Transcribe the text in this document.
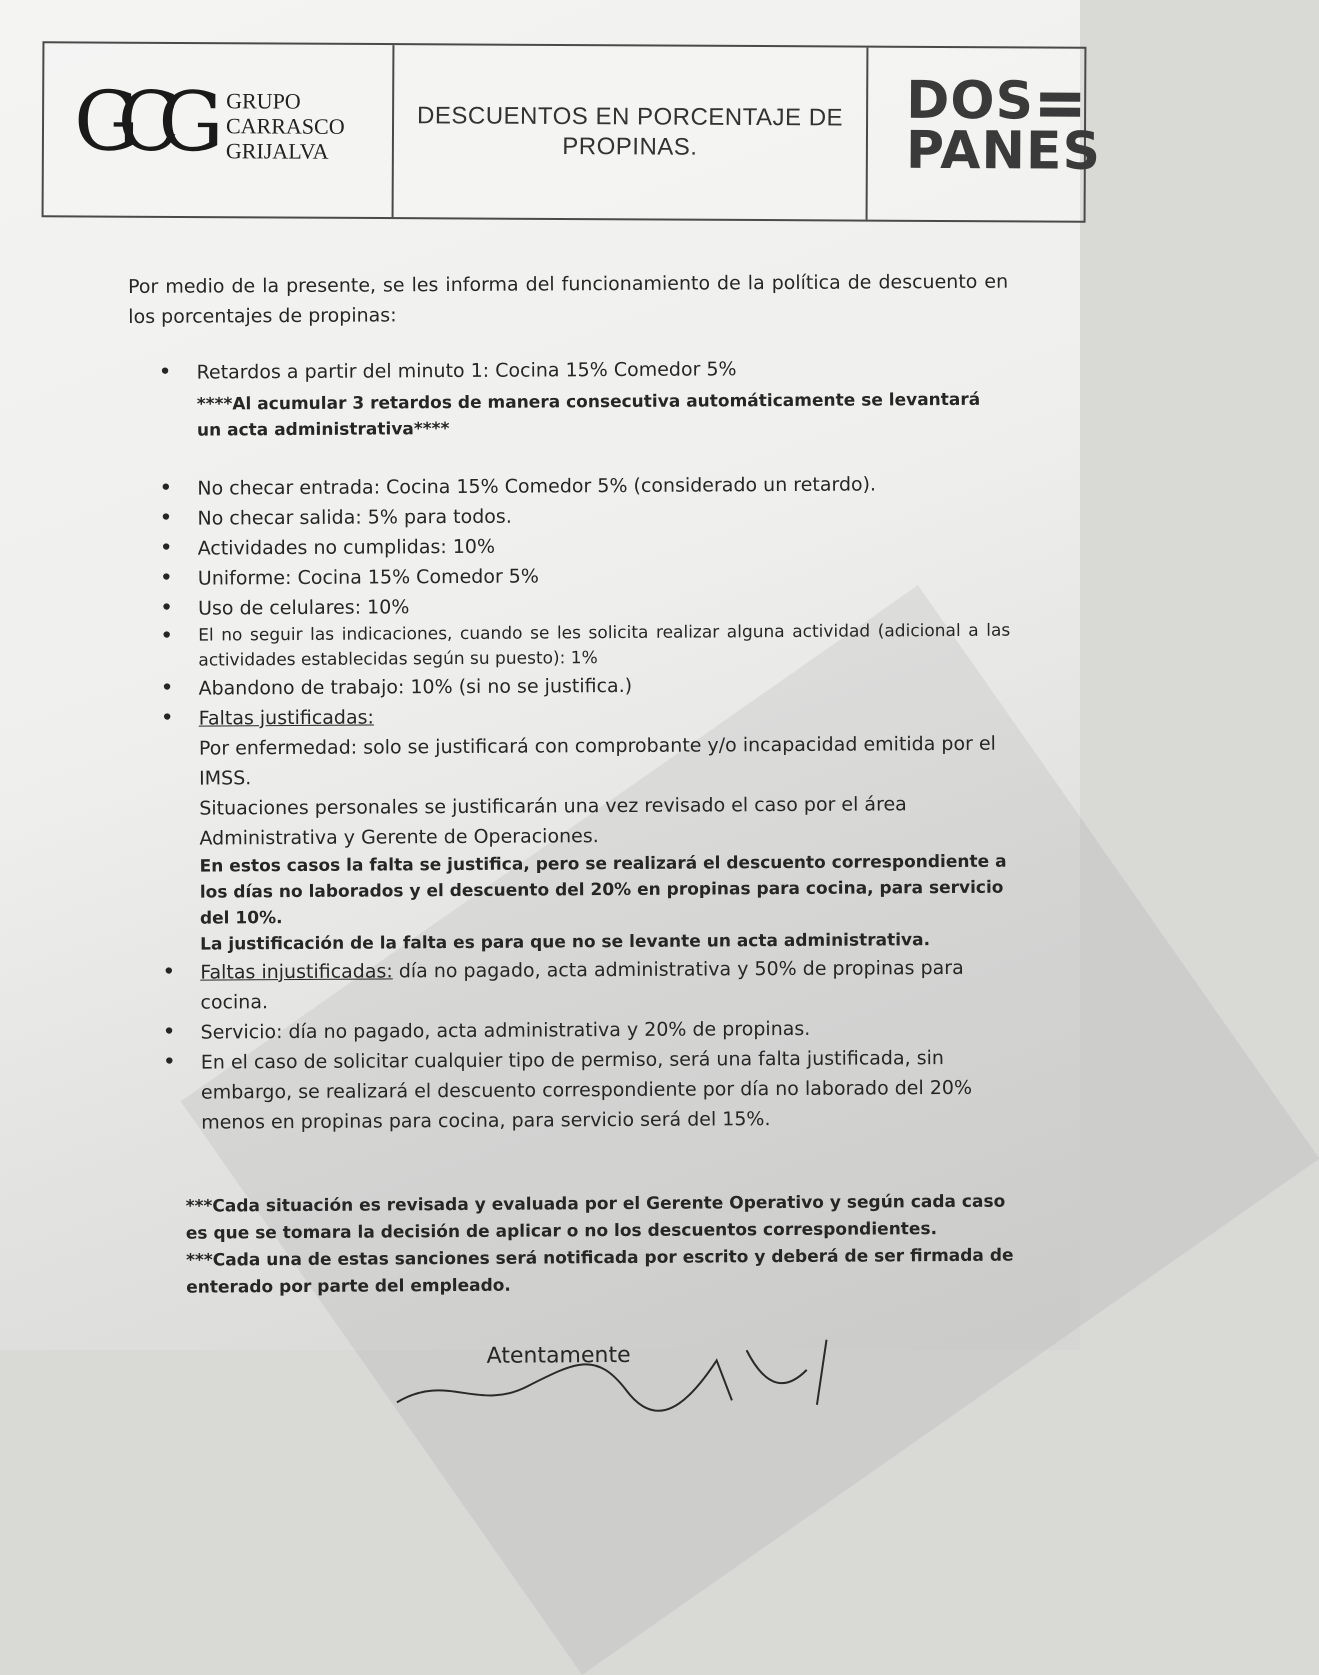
GCG GRUPO
CARRASCO
GRIJALVA
DESCUENTOS EN PORCENTAJE DE
PROPINAS.
DOS
PANES

Por medio de la presente, se les informa del funcionamiento de la política de descuento en los porcentajes de propinas:

• Retardos a partir del minuto 1: Cocina 15% Comedor 5%
****Al acumular 3 retardos de manera consecutiva automáticamente se levantará un acta administrativa****
• No checar entrada: Cocina 15% Comedor 5% (considerado un retardo).
• No checar salida: 5% para todos.
• Actividades no cumplidas: 10%
• Uniforme: Cocina 15% Comedor 5%
• Uso de celulares: 10%
• El no seguir las indicaciones, cuando se les solicita realizar alguna actividad (adicional a las actividades establecidas según su puesto): 1%
• Abandono de trabajo: 10% (si no se justifica.)
• Faltas justificadas:
Por enfermedad: solo se justificará con comprobante y/o incapacidad emitida por el IMSS.
Situaciones personales se justificarán una vez revisado el caso por el área Administrativa y Gerente de Operaciones.
En estos casos la falta se justifica, pero se realizará el descuento correspondiente a los días no laborados y el descuento del 20% en propinas para cocina, para servicio del 10%.
La justificación de la falta es para que no se levante un acta administrativa.
• Faltas injustificadas: día no pagado, acta administrativa y 50% de propinas para cocina.
• Servicio: día no pagado, acta administrativa y 20% de propinas.
• En el caso de solicitar cualquier tipo de permiso, será una falta justificada, sin embargo, se realizará el descuento correspondiente por día no laborado del 20% menos en propinas para cocina, para servicio será del 15%.
***Cada situación es revisada y evaluada por el Gerente Operativo y según cada caso es que se tomara la decisión de aplicar o no los descuentos correspondientes.
***Cada una de estas sanciones será notificada por escrito y deberá de ser firmada de enterado por parte del empleado.
Atentamente
